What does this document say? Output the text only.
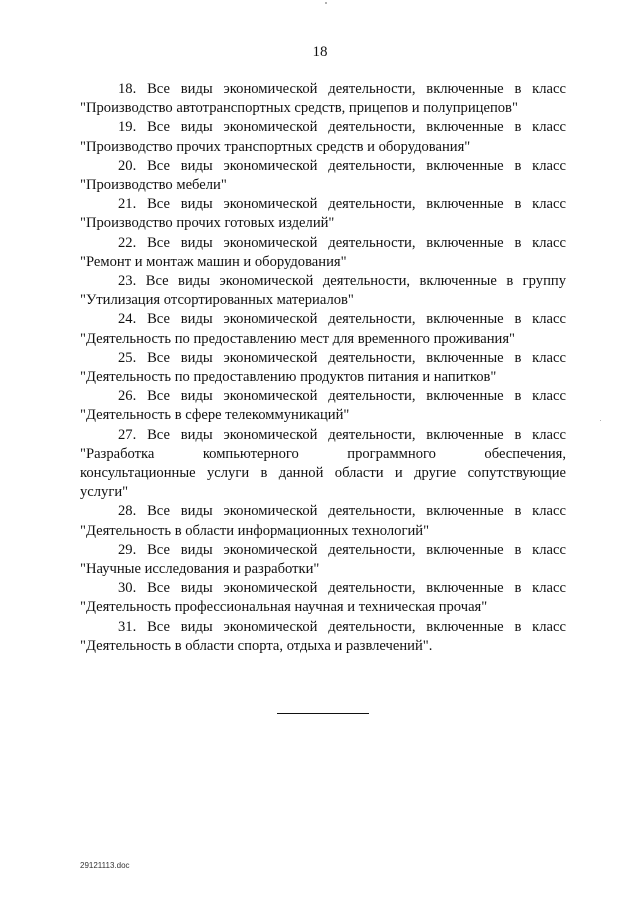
18
18. Все виды экономической деятельности, включенные в класс
"Производство автотранспортных средств, прицепов и полуприцепов"
19. Все виды экономической деятельности, включенные в класс
"Производство прочих транспортных средств и оборудования"
20. Все виды экономической деятельности, включенные в класс
"Производство мебели"
21. Все виды экономической деятельности, включенные в класс
"Производство прочих готовых изделий"
22. Все виды экономической деятельности, включенные в класс
"Ремонт и монтаж машин и оборудования"
23. Все виды экономической деятельности, включенные в группу
"Утилизация отсортированных материалов"
24. Все виды экономической деятельности, включенные в класс
"Деятельность по предоставлению мест для временного проживания"
25. Все виды экономической деятельности, включенные в класс
"Деятельность по предоставлению продуктов питания и напитков"
26. Все виды экономической деятельности, включенные в класс
"Деятельность в сфере телекоммуникаций"
27. Все виды экономической деятельности, включенные в класс
"Разработка компьютерного программного обеспечения,
консультационные услуги в данной области и другие сопутствующие
услуги"
28. Все виды экономической деятельности, включенные в класс
"Деятельность в области информационных технологий"
29. Все виды экономической деятельности, включенные в класс
"Научные исследования и разработки"
30. Все виды экономической деятельности, включенные в класс
"Деятельность профессиональная научная и техническая прочая"
31. Все виды экономической деятельности, включенные в класс
"Деятельность в области спорта, отдыха и развлечений".
29121113.doc
